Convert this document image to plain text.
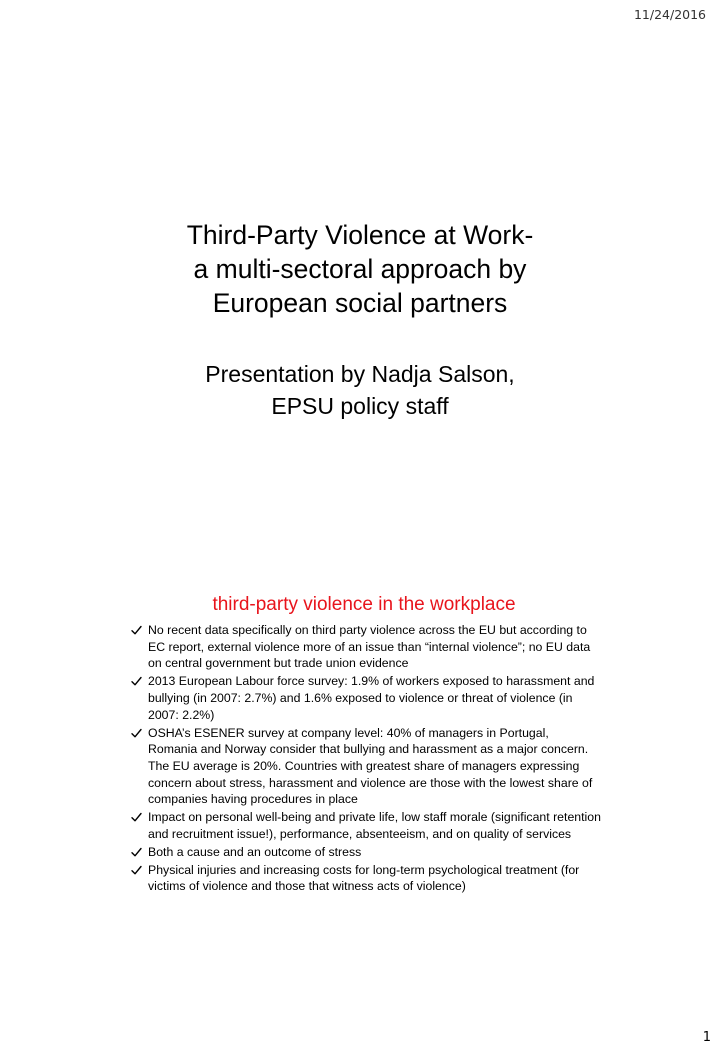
11/24/2016
Third-Party Violence at Work-
a multi-sectoral approach by
European social partners
Presentation by Nadja Salson,
EPSU policy staff
third-party violence in the workplace
No recent data specifically on third party violence across the EU but according to EC report, external violence more of an issue than “internal violence”; no EU data on central government but trade union evidence
2013 European Labour force survey: 1.9% of workers exposed to harassment and bullying (in 2007: 2.7%) and 1.6% exposed to violence or threat of violence (in 2007: 2.2%)
OSHA’s ESENER survey at company level: 40% of managers in Portugal, Romania and Norway consider that bullying and harassment as a major concern. The EU average is 20%. Countries with greatest share of managers expressing concern about stress, harassment and violence are those with the lowest share of companies having procedures in place
Impact on personal well-being and private life, low staff morale (significant retention and recruitment issue!), performance, absenteeism, and on quality of services
Both a cause and an outcome of stress
Physical injuries and increasing costs for long-term psychological treatment (for victims of violence and those that witness acts of violence)
1
